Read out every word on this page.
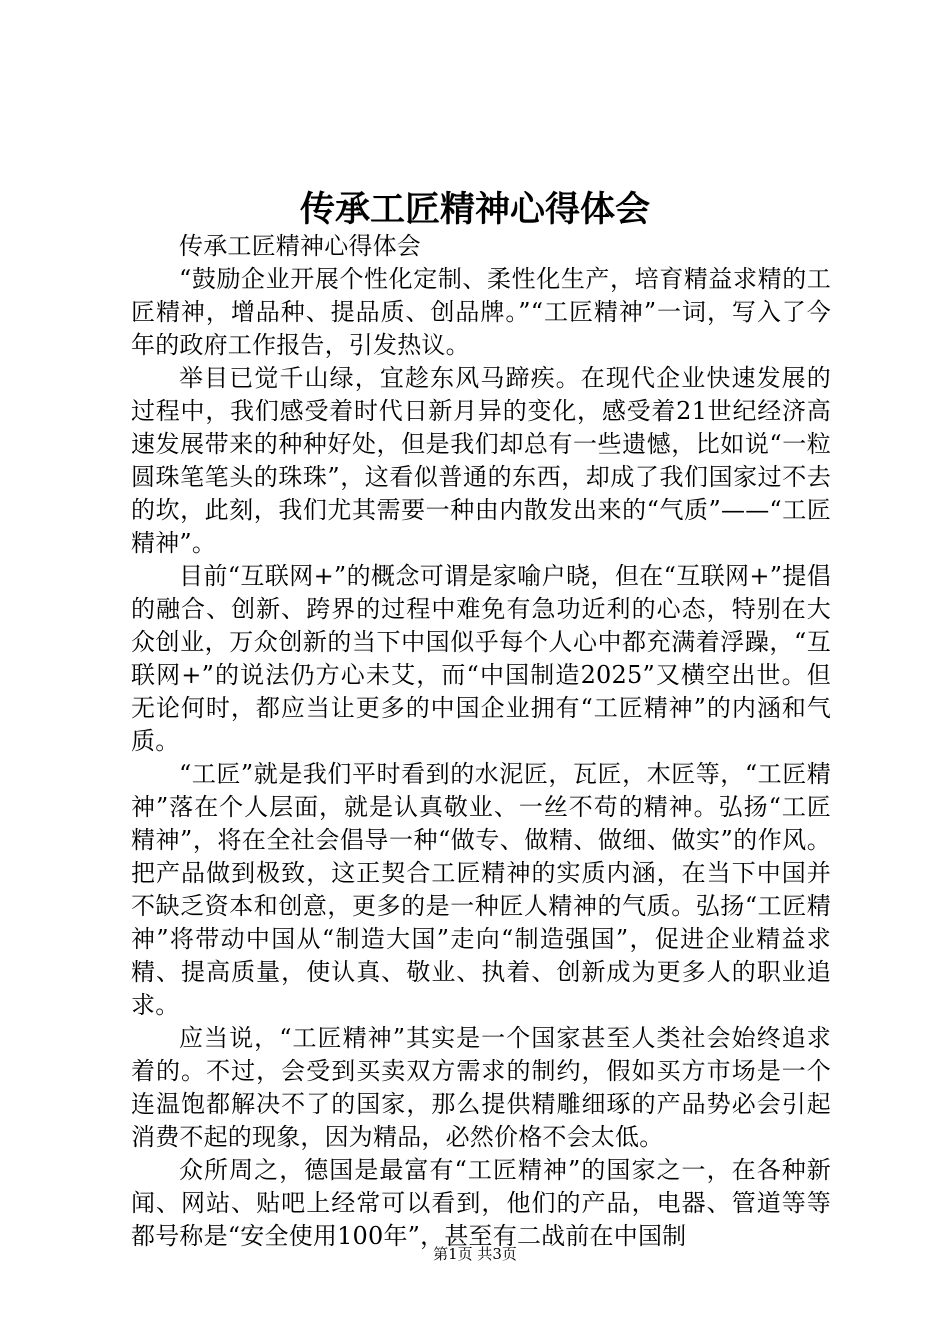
传承工匠精神心得体会

传承工匠精神心得体会

“鼓励企业开展个性化定制、柔性化生产，培育精益求精的工匠精神，增品种、提品质、创品牌。”“工匠精神”一词，写入了今年的政府工作报告，引发热议。

举目已觉千山绿，宜趁东风马蹄疾。在现代企业快速发展的过程中，我们感受着时代日新月异的变化，感受着21世纪经济高速发展带来的种种好处，但是我们却总有一些遗憾，比如说“一粒圆珠笔笔头的珠珠”，这看似普通的东西，却成了我们国家过不去的坎，此刻，我们尤其需要一种由内散发出来的“气质”——“工匠精神”。

目前“互联网+”的概念可谓是家喻户晓，但在“互联网+”提倡的融合、创新、跨界的过程中难免有急功近利的心态，特别在大众创业，万众创新的当下中国似乎每个人心中都充满着浮躁，“互联网+”的说法仍方心未艾，而“中国制造2025”又横空出世。但无论何时，都应当让更多的中国企业拥有“工匠精神”的内涵和气质。

“工匠”就是我们平时看到的水泥匠，瓦匠，木匠等，“工匠精神”落在个人层面，就是认真敬业、一丝不苟的精神。弘扬“工匠精神”，将在全社会倡导一种“做专、做精、做细、做实”的作风。把产品做到极致，这正契合工匠精神的实质内涵，在当下中国并不缺乏资本和创意，更多的是一种匠人精神的气质。弘扬“工匠精神”将带动中国从“制造大国”走向“制造强国”，促进企业精益求精、提高质量，使认真、敬业、执着、创新成为更多人的职业追求。

应当说，“工匠精神”其实是一个国家甚至人类社会始终追求着的。不过，会受到买卖双方需求的制约，假如买方市场是一个连温饱都解决不了的国家，那么提供精雕细琢的产品势必会引起消费不起的现象，因为精品，必然价格不会太低。

众所周之，德国是最富有“工匠精神”的国家之一，在各种新闻、网站、贴吧上经常可以看到，他们的产品，电器、管道等等都号称是“安全使用100年”，甚至有二战前在中国制

第1页 共3页
